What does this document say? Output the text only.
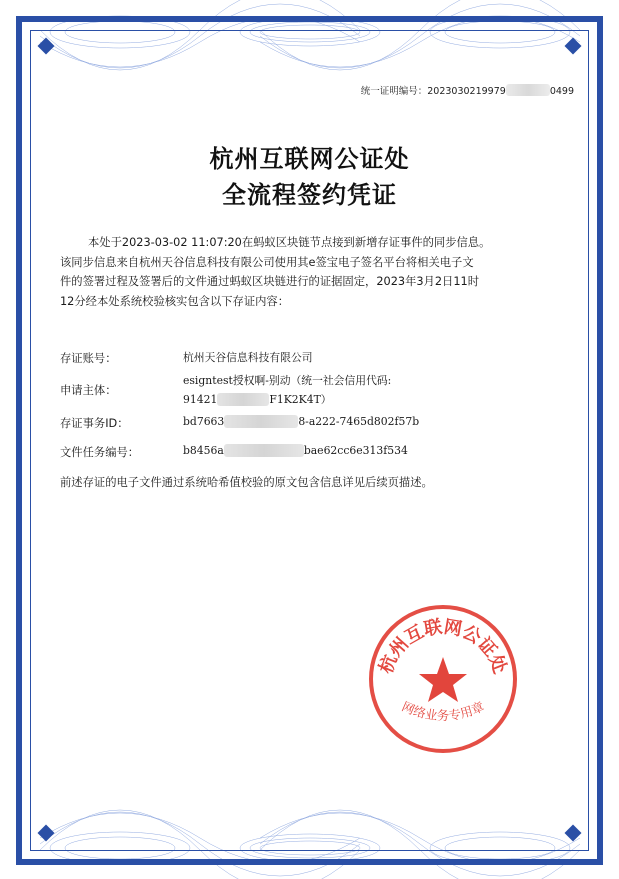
统一证明编号：2023030219979	0499
杭州互联网公证处
全流程签约凭证

本处于2023-03-02 11:07:20在蚂蚁区块链节点接到新增存证事件的同步信息。

该同步信息来自杭州天谷信息科技有限公司使用其e签宝电子签名平台将相关电子文

件的签署过程及签署后的文件通过蚂蚁区块链进行的证据固定，2023年3月2日11时

12分经本处系统校验核实包含以下存证内容：

存证账号：	杭州天谷信息科技有限公司
申请主体：
esigntest授权啊-别动（统一社会信用代码:
91421	F1K2K4T）
存证事务ID：	bd7663	8-a222-7465d802f57b
文件任务编号：	b8456a	bae62cc6e313f534
前述存证的电子文件通过系统哈希值校验的原文包含信息详见后续页描述。
杭州互联网公证处
网络业务专用章
